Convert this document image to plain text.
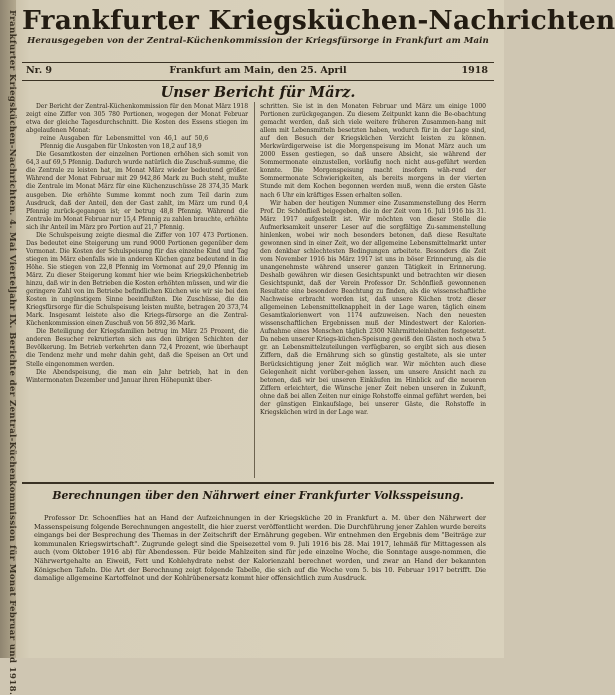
Frankfurter Kriegsküchen-Nachrichten. 4. Mai Vierteljahr IX. Berichte der Zentral-Küchenkommission für Monat Februar und 1918. Frankfurter Kriegsküchen-Nachrichten
Herausgegeben von der Zentral-Küchenkommission der Kriegsfürsorge in Frankfurt am Main
Nr. 9	Frankfurt am Main, den 25. April	1918
Unser Bericht für März.

Der Bericht der Zentral-Küchenkommission für den Monat März 1918 zeigt eine Ziffer von 305 780 Portionen, wogegen der Monat Februar etwa der gleiche Tagesdurchschnitt. Die Kosten des Essens stiegen im abgelaufenen Monat:

reine Ausgaben für Lebensmittel von 46,1 auf 50,6 Pfennig die Ausgaben für Unkosten von 18,2 auf 18,9

Die Gesamtkosten der einzelnen Portionen erhöhen sich somit von 64,3 auf 69,5 Pfennig. Dadurch wurde natürlich die Zuschuß-summe, die die Zentrale zu leisten hat, im Monat März wieder bedeutend größer. Während der Monat Februar mit 29 942,86 Mark zu Buch steht, mußte die Zentrale im Monat März für eine Küchenzuschüsse 28 374,35 Mark ausgeben. Die erhöhte Summe kommt noch zum Teil darin zum Ausdruck, daß der Anteil, den der Gast zahlt, im März um rund 0,4 Pfennig zurück-gegangen ist; er betrug 48,8 Pfennig. Während die Zentrale im Monat Februar nur 15,4 Pfennig zu zahlen brauchte, erhöhte sich ihr Anteil im März pro Portion auf 21,7 Pfennig.

Die Schulspeisung zeigte diesmal die Ziffer von 107 473 Portionen. Das bedeutet eine Steigerung um rund 9000 Portionen gegenüber dem Vormonat. Die Kosten der Schulspeisung für das einzelne Kind und Tag stiegen im März ebenfalls wie in anderen Küchen ganz bedeutend in die Höhe. Sie stiegen von 22,8 Pfennig im Vormonat auf 29,0 Pfennig im März. Zu dieser Steigerung kommt hier wie beim Kriegsküchenbetrieb hinzu, daß wir in den Betrieben die Kosten erhöhten müssen, und wir die geringere Zahl von im Betriebe befindlichen Küchen wie wir sie bei den Kosten in ungünstigem Sinne beeinflußten. Die Zuschüsse, die die Kriegsfürsorge für die Schulspeisung leisten mußte, betragen 20 373,74 Mark. Insgesamt leistete also die Kriegs-fürsorge an die Zentral-Küchenkommission einen Zuschuß von 56 892,36 Mark.

Die Beteiligung der Kriegsfamilien betrug im März 25 Prozent, die anderen Besucher rekrutierten sich aus den übrigen Schichten der Bevölkerung. Im Betrieb verkehrten dann 72,4 Prozent, wie überhaupt die Tendenz mehr und mehr dahin geht, daß die Speisen an Ort und Stelle eingenommen werden.

Die Abendspeisung, die man ein Jahr betrieb, hat in den Wintermonaten Dezember und Januar ihren Höhepunkt über-

schritten. Sie ist in den Monaten Februar und März um einige 1000 Portionen zurückgegangen. Zu diesem Zeitpunkt kann die Be-obachtung gemacht werden, daß sich viele weitere früheren Zusammen-hang mit allem mit Lebensmitteln besetzten haben, wodurch für in der Lage sind, auf den Besuch der Kriegsküchen Verzicht leisten zu können. Merkwürdigerweise ist die Morgenspeisung im Monat März auch um 2000 Essen gestiegen, so daß unsere Absicht, sie während der Sommermonate einzustellen, vorläufig noch nicht aus-geführt werden konnte. Die Morgenspeisung macht insofern wäh-rend der Sommermonate Schwierigkeiten, als bereits morgens in der vierten Stunde mit dem Kochen begonnen werden muß, wenn die ersten Gäste nach 6 Uhr ein kräftiges Essen erhalten sollen.

Wir haben der heutigen Nummer eine Zusammenstellung des Herrn Prof. Dr. Schönfließ beigegeben, die in der Zeit vom 16. Juli 1916 bis 31. März 1917 aufgestellt ist. Wir möchten von dieser Stelle die Aufmerksamkeit unserer Leser auf die sorgfältige Zu-sammenstellung hinlenken, wobei wir noch besonders betonen, daß diese Resultate gewonnen sind in einer Zeit, wo der allgemeine Lebensmittelmarkt unter den denkbar schlechtesten Bedingungen arbeitete. Besonders die Zeit vom November 1916 bis März 1917 ist uns in böser Erinnerung, als die unangenehmste während unserer ganzen Tätigkeit in Erinnerung. Deshalb gewähren wir diesen Gesichtspunkt und betrachten wir diesen Gesichtspunkt, daß der Verein Professor Dr. Schönfließ gewonnenen Resultate eine besondere Beachtung zu finden, als die wissenschaftliche Nachweise erbracht worden ist, daß unsere Küchen trotz dieser allgemeinen Lebensmittelknappheit in der Lage waren, täglich einem Gesamtkalorienwert von 1174 aufzuweisen. Nach den neuesten wissenschaftlichen Ergebnissen muß der Mindestwert der Kalorien-Aufnahme eines Menschen täglich 2300 Nährmitteleinheiten festgesetzt. Da neben unserer Kriegs-küchen-Speisung gewiß den Gästen noch etwa 5 gr. an Lebensmittelzuteilungen verfügbaren, so ergibt sich aus diesen Ziffern, daß die Ernährung sich so günstig gestaltete, als sie unter Berücksichtigung jener Zeit möglich war. Wir möchten auch diese Gelegenheit nicht vorüber-gehen lassen, um unsere Ansicht nach zu betonen, daß wir bei unseren Einkäufen im Hinblick auf die neueren Ziffern erleichtert, die Wünsche jener Zeit neben unseren in Zukunft, ohne daß bei allen Zeiten nur einige Rohstoffe einmal geführt werden, bei der günstigen Einkaufslage, bei unserer Gäste, die Rohstoffe in Kriegsküchen wird in der Lage war.

Berechnungen über den Nährwert einer Frankfurter Volksspeisung.

Professor Dr. Schoenflies hat an Hand der Aufzeichnungen in der Kriegsküche 20 in Frankfurt a. M. über den Nährwert der Massenspeisung folgende Berechnungen angestellt, die hier zuerst veröffentlicht werden. Die Durchführung jener Zahlen wurde bereits eingangs bei der Besprechung des Themas in der Zeitschrift der Ernährung gegeben. Wir entnehmen den Ergebnis dem "Beiträge zur kommunalen Kriegswirtschaft". Zugrunde gelegt sind die Speisezettel vom 9. Juli 1916 bis 28. Mai 1917, lehmäß für Mittagessen als auch (vom Oktober 1916 ab) für Abendessen. Für beide Mahlzeiten sind für jede einzelne Woche, die Sonntage ausge-nommen, die Nährwertgehalte an Eiweiß, Fett und Kohlehydrate nebst der Kalorienzahl berechnet worden, und zwar an Hand der bekannten Königschen Tafeln. Die Art der Berechnung zeigt folgende Tabelle, die sich auf die Woche vom 5. bis 10. Februar 1917 betrifft. Die damalige allgemeine Kartoffelnot und der Kohlrübenersatz kommt hier offensichtlich zum Ausdruck.
